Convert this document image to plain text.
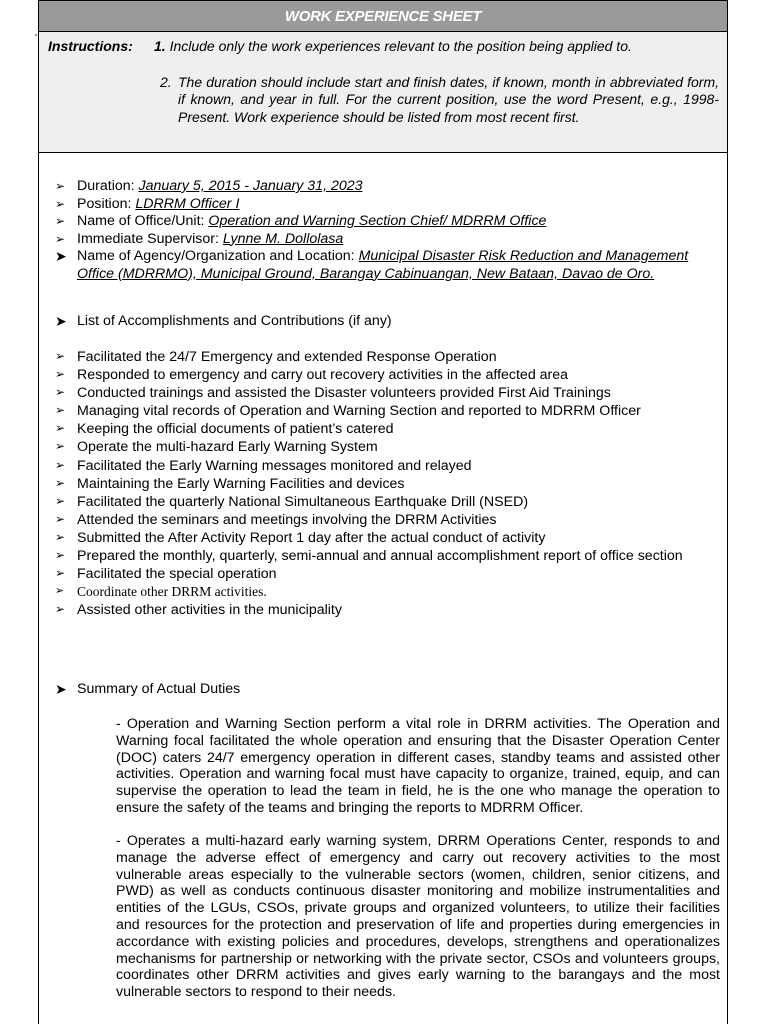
ˊ
WORK EXPERIENCE SHEET
Instructions:	1. Include only the work experiences relevant to the position being applied to.
2. The duration should include start and finish dates, if known, month in abbreviated form, if known, and year in full. For the current position, use the word Present, e.g., 1998-Present. Work experience should be listed from most recent first.
➢ Duration: January 5, 2015 - January 31, 2023
➢ Position: LDRRM Officer I
➢ Name of Office/Unit: Operation and Warning Section Chief/ MDRRM Office
➢ Immediate Supervisor: Lynne M. Dollolasa
➤ Name of Agency/Organization and Location: Municipal Disaster Risk Reduction and Management Office (MDRRMO), Municipal Ground, Barangay Cabinuangan, New Bataan, Davao de Oro.
➤ List of Accomplishments and Contributions (if any)
➢ Facilitated the 24/7 Emergency and extended Response Operation
➢ Responded to emergency and carry out recovery activities in the affected area
➢ Conducted trainings and assisted the Disaster volunteers provided First Aid Trainings
➢ Managing vital records of Operation and Warning Section and reported to MDRRM Officer
➢ Keeping the official documents of patient’s catered
➢ Operate the multi-hazard Early Warning System
➢ Facilitated the Early Warning messages monitored and relayed
➢ Maintaining the Early Warning Facilities and devices
➢ Facilitated the quarterly National Simultaneous Earthquake Drill (NSED)
➢ Attended the seminars and meetings involving the DRRM Activities
➢ Submitted the After Activity Report 1 day after the actual conduct of activity
➢ Prepared the monthly, quarterly, semi-annual and annual accomplishment report of office section
➢ Facilitated the special operation
➢ Coordinate other DRRM activities.
➢ Assisted other activities in the municipality
➤ Summary of Actual Duties
- Operation and Warning Section perform a vital role in DRRM activities. The Operation and Warning focal facilitated the whole operation and ensuring that the Disaster Operation Center (DOC) caters 24/7 emergency operation in different cases, standby teams and assisted other activities. Operation and warning focal must have capacity to organize, trained, equip, and can supervise the operation to lead the team in field, he is the one who manage the operation to ensure the safety of the teams and bringing the reports to MDRRM Officer.
- Operates a multi-hazard early warning system, DRRM Operations Center, responds to and manage the adverse effect of emergency and carry out recovery activities to the most vulnerable areas especially to the vulnerable sectors (women, children, senior citizens, and PWD) as well as conducts continuous disaster monitoring and mobilize instrumentalities and entities of the LGUs, CSOs, private groups and organized volunteers, to utilize their facilities and resources for the protection and preservation of life and properties during emergencies in accordance with existing policies and procedures, develops, strengthens and operationalizes mechanisms for partnership or networking with the private sector, CSOs and volunteers groups, coordinates other DRRM activities and gives early warning to the barangays and the most vulnerable sectors to respond to their needs.
